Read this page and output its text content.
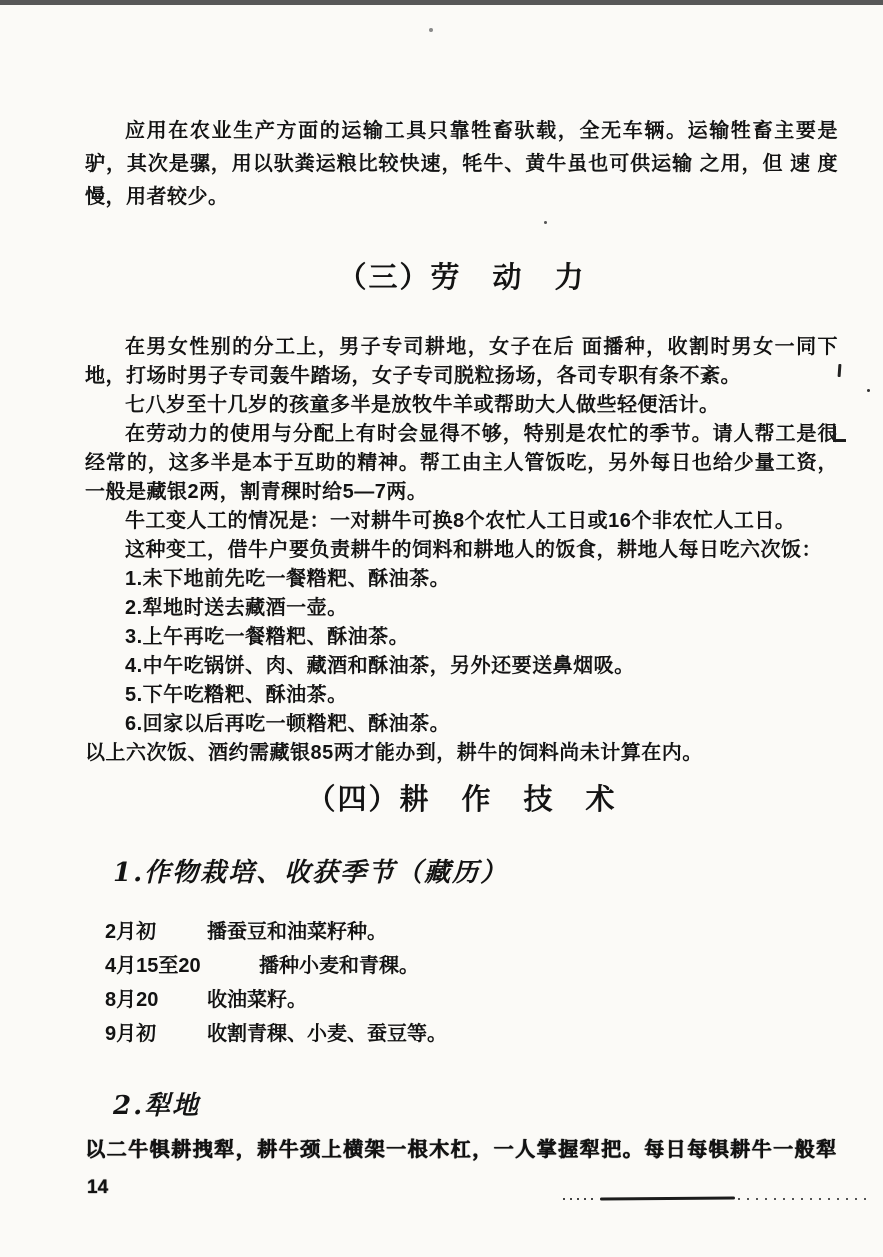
应用在农业生产方面的运输工具只靠牲畜驮载，全无车辆。运输牲畜主要是驴，其次是骡，用以驮粪运粮比较快速，牦牛、黄牛虽也可供运输 之用，但 速 度 慢，用者较少。

（三）劳　动　力

在男女性别的分工上，男子专司耕地，女子在后 面播种，收割时男女一同下地，打场时男子专司轰牛踏场，女子专司脱粒扬场，各司专职有条不紊。

七八岁至十几岁的孩童多半是放牧牛羊或帮助大人做些轻便活计。

在劳动力的使用与分配上有时会显得不够，特别是农忙的季节。请人帮工是很经常的，这多半是本于互助的精神。帮工由主人管饭吃，另外每日也给少量工资，一般是藏银2两，割青稞时给5—7两。

牛工变人工的情况是：一对耕牛可换8个农忙人工日或16个非农忙人工日。

这种变工，借牛户要负责耕牛的饲料和耕地人的饭食，耕地人每日吃六次饭：

1.未下地前先吃一餐糌粑、酥油茶。

2.犁地时送去藏酒一壶。

3.上午再吃一餐糌粑、酥油茶。

4.中午吃锅饼、肉、藏酒和酥油茶，另外还要送鼻烟吸。

5.下午吃糌粑、酥油茶。

6.回家以后再吃一顿糌粑、酥油茶。

以上六次饭、酒约需藏银85两才能办到，耕牛的饲料尚未计算在内。

（四）耕　作　技　术
1.作物栽培、收获季节（藏历）
2月初	播蚕豆和油菜籽种。
4月15至20	播种小麦和青稞。
8月20	收油菜籽。
9月初	收割青稞、小麦、蚕豆等。
2.犁地

以二牛犋耕拽犁，耕牛颈上横架一根木杠，一人掌握犁把。每日每犋耕牛一般犁

14
